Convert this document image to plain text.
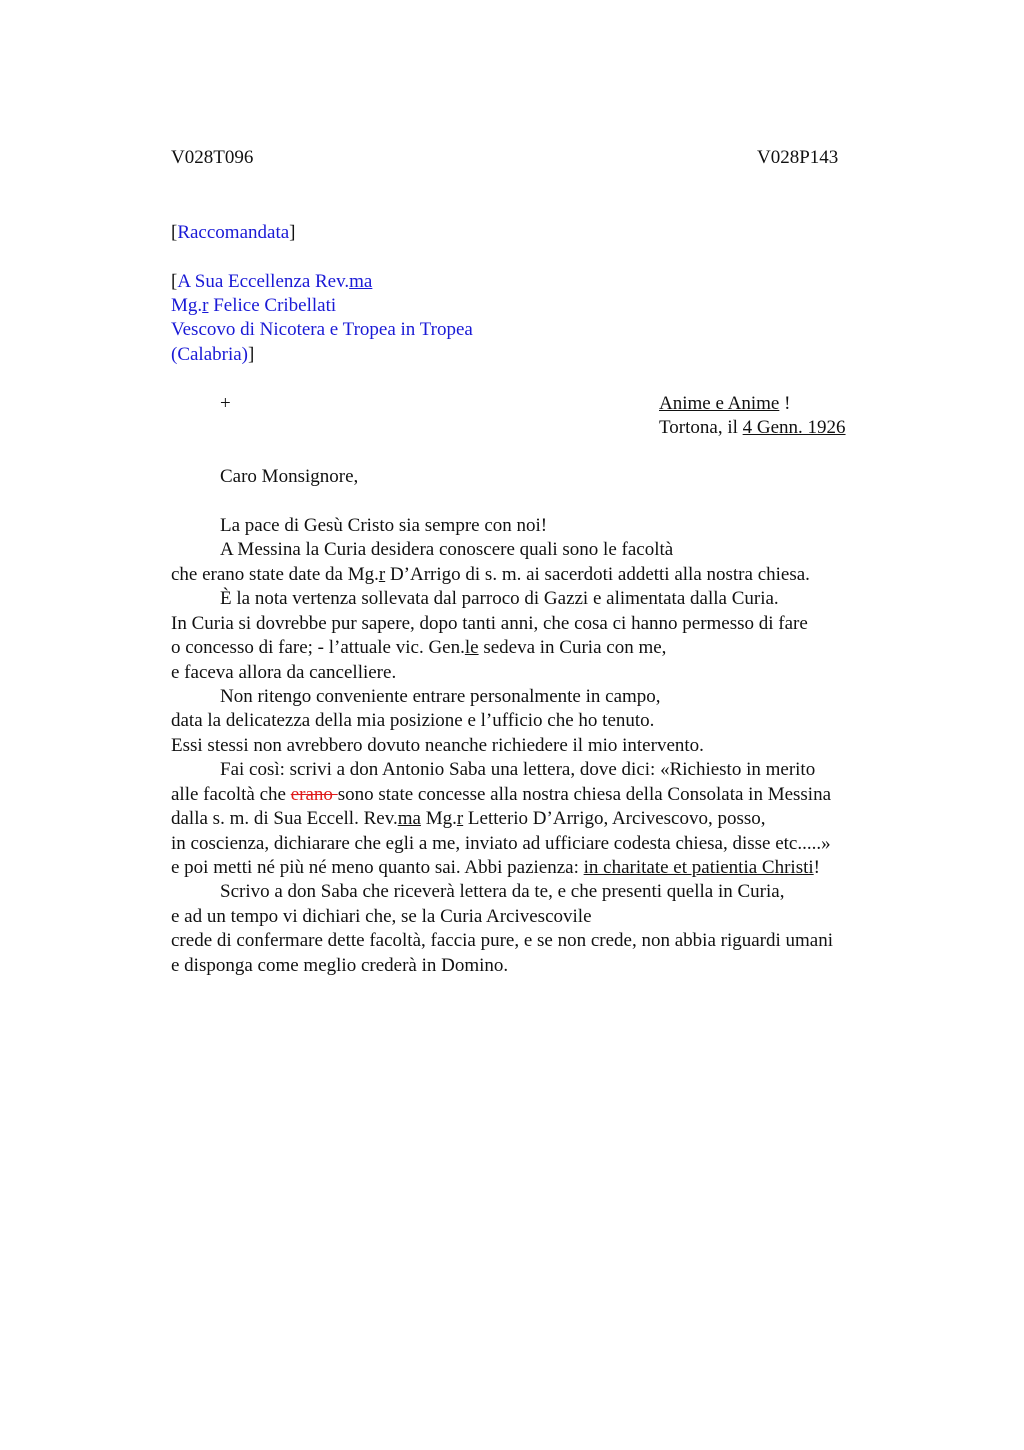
V028T096	V028P143
[Raccomandata]
[A Sua Eccellenza Rev.ma
Mg.r Felice Cribellati
Vescovo di Nicotera e Tropea in Tropea
(Calabria)]
+	Anime e Anime !
Tortona, il 4 Genn. 1926
Caro Monsignore,
La pace di Gesù Cristo sia sempre con noi!
A Messina la Curia desidera conoscere quali sono le facoltà
che erano state date da Mg.r D’Arrigo di s. m. ai sacerdoti addetti alla nostra chiesa.
È la nota vertenza sollevata dal parroco di Gazzi e alimentata dalla Curia.
In Curia si dovrebbe pur sapere, dopo tanti anni, che cosa ci hanno permesso di fare
o concesso di fare; - l’attuale vic. Gen.le sedeva in Curia con me,
e faceva allora da cancelliere.
Non ritengo conveniente entrare personalmente in campo,
data la delicatezza della mia posizione e l’ufficio che ho tenuto.
Essi stessi non avrebbero dovuto neanche richiedere il mio intervento.
Fai così: scrivi a don Antonio Saba una lettera, dove dici: «Richiesto in merito
alle facoltà che erano sono state concesse alla nostra chiesa della Consolata in Messina
dalla s. m. di Sua Eccell. Rev.ma Mg.r Letterio D’Arrigo, Arcivescovo, posso,
in coscienza, dichiarare che egli a me, inviato ad ufficiare codesta chiesa, disse etc.....»
e poi metti né più né meno quanto sai. Abbi pazienza: in charitate et patientia Christi!
Scrivo a don Saba che riceverà lettera da te, e che presenti quella in Curia,
e ad un tempo vi dichiari che, se la Curia Arcivescovile
crede di confermare dette facoltà, faccia pure, e se non crede, non abbia riguardi umani
e disponga come meglio crederà in Domino.
